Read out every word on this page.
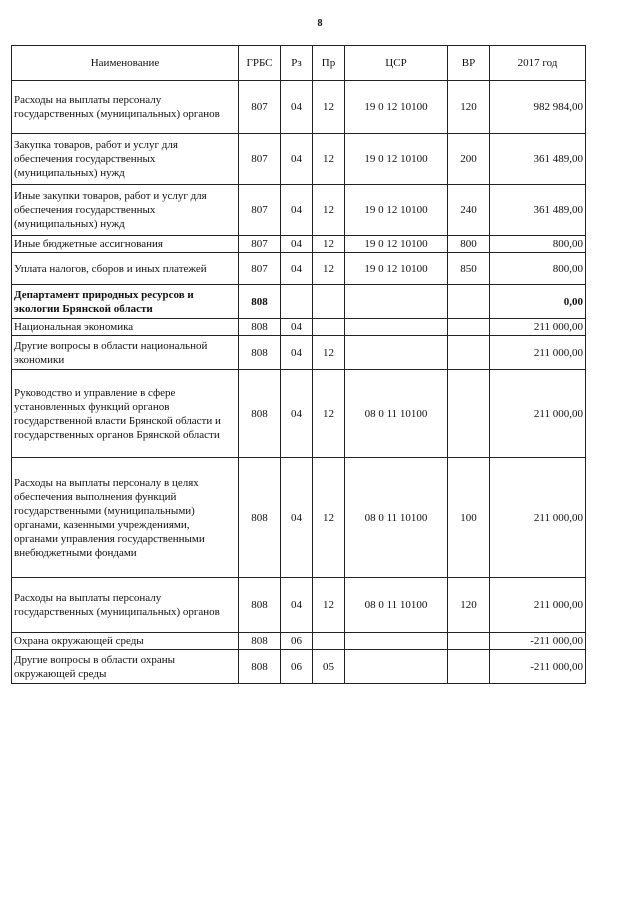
8
Наименование	ГРБС	Рз	Пр	ЦСР	ВР	2017 год
Расходы на выплаты персоналу государственных (муниципальных) органов	807	04	12	19 0 12 10100	120	982 984,00
Закупка товаров, работ и услуг для обеспечения государственных (муниципальных) нужд	807	04	12	19 0 12 10100	200	361 489,00
Иные закупки товаров, работ и услуг для обеспечения государственных (муниципальных) нужд	807	04	12	19 0 12 10100	240	361 489,00
Иные бюджетные ассигнования	807	04	12	19 0 12 10100	800	800,00
Уплата налогов, сборов и иных платежей	807	04	12	19 0 12 10100	850	800,00
Департамент природных ресурсов и экологии Брянской области	808					0,00
Национальная экономика	808	04				211 000,00
Другие вопросы в области национальной экономики	808	04	12			211 000,00
Руководство и управление в сфере установленных функций органов государственной власти Брянской области и государственных органов Брянской области	808	04	12	08 0 11 10100		211 000,00
Расходы на выплаты персоналу в целях обеспечения выполнения функций государственными (муниципальными) органами, казенными учреждениями, органами управления государственными внебюджетными фондами	808	04	12	08 0 11 10100	100	211 000,00
Расходы на выплаты персоналу государственных (муниципальных) органов	808	04	12	08 0 11 10100	120	211 000,00
Охрана окружающей среды	808	06				-211 000,00
Другие вопросы в области охраны окружающей среды	808	06	05			-211 000,00
